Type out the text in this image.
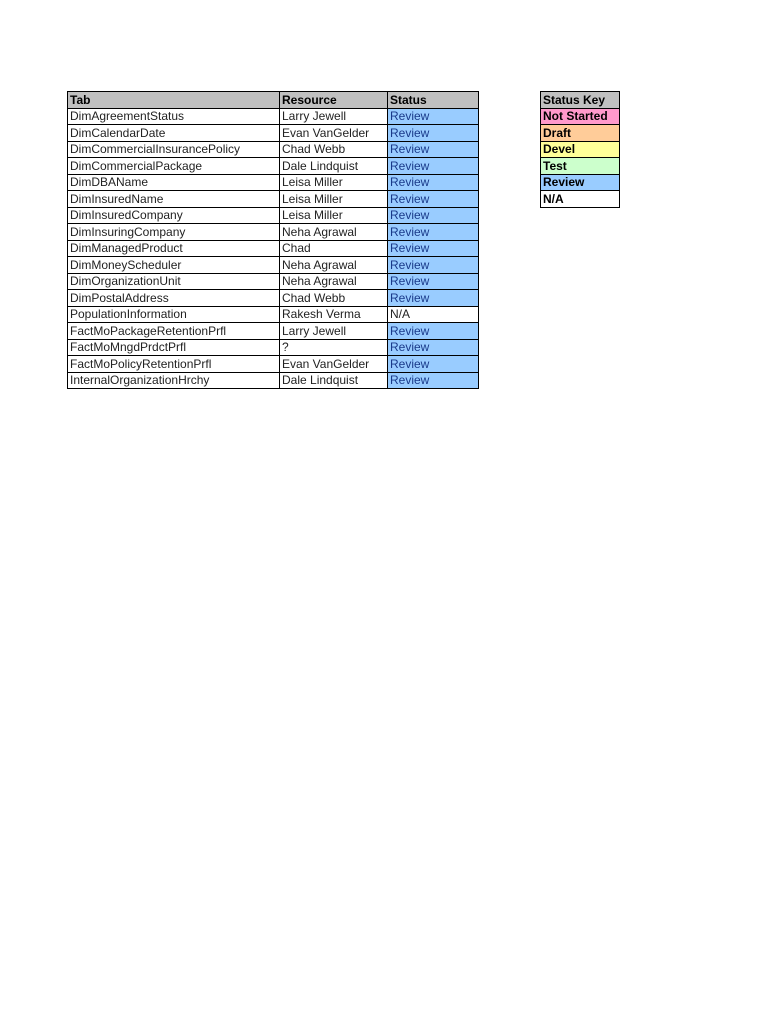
Tab	Resource	Status
DimAgreementStatus	Larry Jewell	Review
DimCalendarDate	Evan VanGelder	Review
DimCommercialInsurancePolicy	Chad Webb	Review
DimCommercialPackage	Dale Lindquist	Review
DimDBAName	Leisa Miller	Review
DimInsuredName	Leisa Miller	Review
DimInsuredCompany	Leisa Miller	Review
DimInsuringCompany	Neha Agrawal	Review
DimManagedProduct	Chad	Review
DimMoneyScheduler	Neha Agrawal	Review
DimOrganizationUnit	Neha Agrawal	Review
DimPostalAddress	Chad Webb	Review
PopulationInformation	Rakesh Verma	N/A
FactMoPackageRetentionPrfl	Larry Jewell	Review
FactMoMngdPrdctPrfl	?	Review
FactMoPolicyRetentionPrfl	Evan VanGelder	Review
InternalOrganizationHrchy	Dale Lindquist	Review
Status Key
Not Started
Draft
Devel
Test
Review
N/A
